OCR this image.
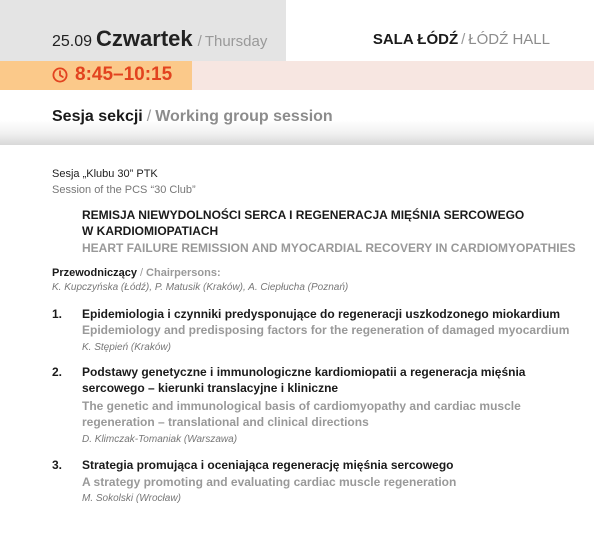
25.09 Czwartek / Thursday	SALA ŁÓDŹ / ŁÓDŹ HALL
8:45–10:15
Sesja sekcji / Working group session
Sesja „Klubu 30” PTK
Session of the PCS “30 Club”
REMISJA NIEWYDOLNOŚCI SERCA I REGENERACJA MIĘŚNIA SERCOWEGO
W KARDIOMIOPATIACH
HEART FAILURE REMISSION AND MYOCARDIAL RECOVERY IN CARDIOMYOPATHIES
Przewodniczący / Chairpersons:
K. Kupczyńska (Łódź), P. Matusik (Kraków), A. Ciepłucha (Poznań)
1. Epidemiologia i czynniki predysponujące do regeneracji uszkodzonego miokardium
Epidemiology and predisposing factors for the regeneration of damaged myocardium
K. Stępień (Kraków)
2. Podstawy genetyczne i immunologiczne kardiomiopatii a regeneracja mięśnia
sercowego – kierunki translacyjne i kliniczne
The genetic and immunological basis of cardiomyopathy and cardiac muscle
regeneration – translational and clinical directions
D. Klimczak-Tomaniak (Warszawa)
3. Strategia promująca i oceniająca regenerację mięśnia sercowego
A strategy promoting and evaluating cardiac muscle regeneration
M. Sokolski (Wrocław)
